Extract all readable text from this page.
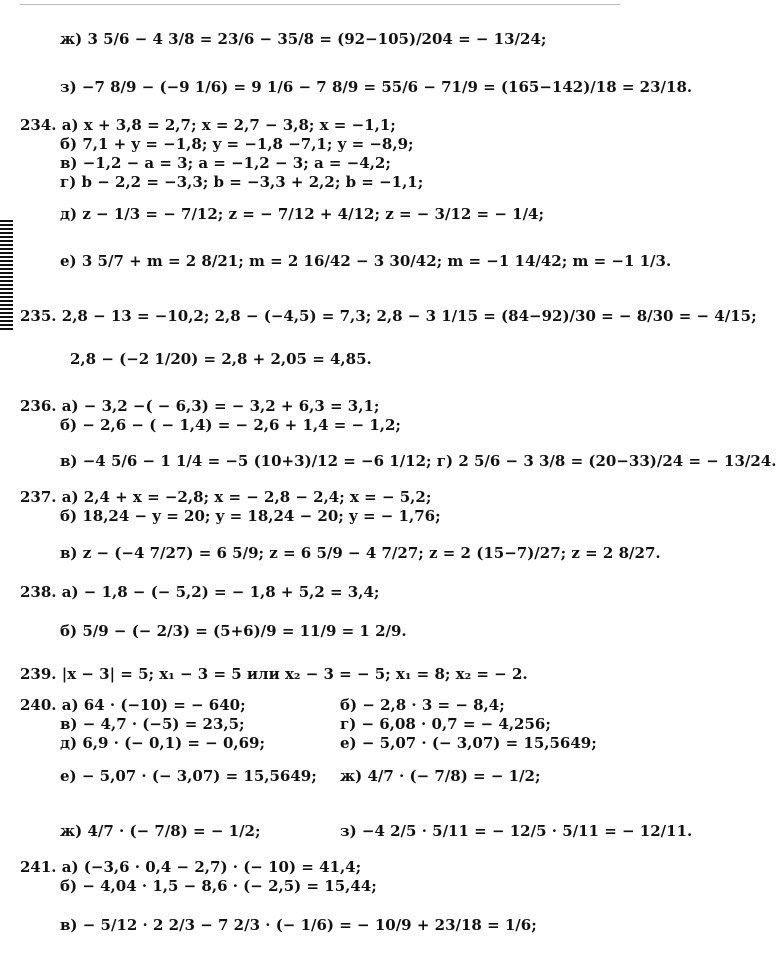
ж) 3 5/6 − 4 3/8 = 23/6 − 35/8 = (92−105)/204 = − 13/24;
з) −7 8/9 − (−9 1/6) = 9 1/6 − 7 8/9 = 55/6 − 71/9 = (165−142)/18 = 23/18.
234. а) x + 3,8 = 2,7; x = 2,7 − 3,8; x = −1,1;
б) 7,1 + y = −1,8; y = −1,8 −7,1; y = −8,9;
в) −1,2 − a = 3; a = −1,2 − 3; a = −4,2;
г) b − 2,2 = −3,3; b = −3,3 + 2,2; b = −1,1;
д) z − 1/3 = − 7/12; z = − 7/12 + 4/12; z = − 3/12 = − 1/4;
е) 3 5/7 + m = 2 8/21; m = 2 16/42 − 3 30/42; m = −1 14/42; m = −1 1/3.
235. 2,8 − 13 = −10,2; 2,8 − (−4,5) = 7,3; 2,8 − 3 1/15 = (84−92)/30 = − 8/30 = − 4/15;
2,8 − (−2 1/20) = 2,8 + 2,05 = 4,85.
236. а) − 3,2 −( − 6,3) = − 3,2 + 6,3 = 3,1;
б) − 2,6 − ( − 1,4) = − 2,6 + 1,4 = − 1,2;
в) −4 5/6 − 1 1/4 = −5 (10+3)/12 = −6 1/12; г) 2 5/6 − 3 3/8 = (20−33)/24 = − 13/24.
237. а) 2,4 + x = −2,8; x = − 2,8 − 2,4; x = − 5,2;
б) 18,24 − y = 20; y = 18,24 − 20; y = − 1,76;
в) z − (−4 7/27) = 6 5/9; z = 6 5/9 − 4 7/27; z = 2 (15−7)/27; z = 2 8/27.
238. а) − 1,8 − (− 5,2) = − 1,8 + 5,2 = 3,4;
б) 5/9 − (− 2/3) = (5+6)/9 = 11/9 = 1 2/9.
239. |x − 3| = 5; x₁ − 3 = 5 или x₂ − 3 = − 5; x₁ = 8; x₂ = − 2.
240. а) 64 · (−10) = − 640;	б) − 2,8 · 3 = − 8,4;
в) − 4,7 · (−5) = 23,5;	г) − 6,08 · 0,7 = − 4,256;
д) 6,9 · (− 0,1) = − 0,69;	е) − 5,07 · (− 3,07) = 15,5649;
е) − 5,07 · (− 3,07) = 15,5649; ж) 4/7 · (− 7/8) = − 1/2;
ж) 4/7 · (− 7/8) = − 1/2;	з) −4 2/5 · 5/11 = − 12/5 · 5/11 = − 12/11.
241. а) (−3,6 · 0,4 − 2,7) · (− 10) = 41,4;
б) − 4,04 · 1,5 − 8,6 · (− 2,5) = 15,44;
в) − 5/12 · 2 2/3 − 7 2/3 · (− 1/6) = − 10/9 + 23/18 = 1/6;
